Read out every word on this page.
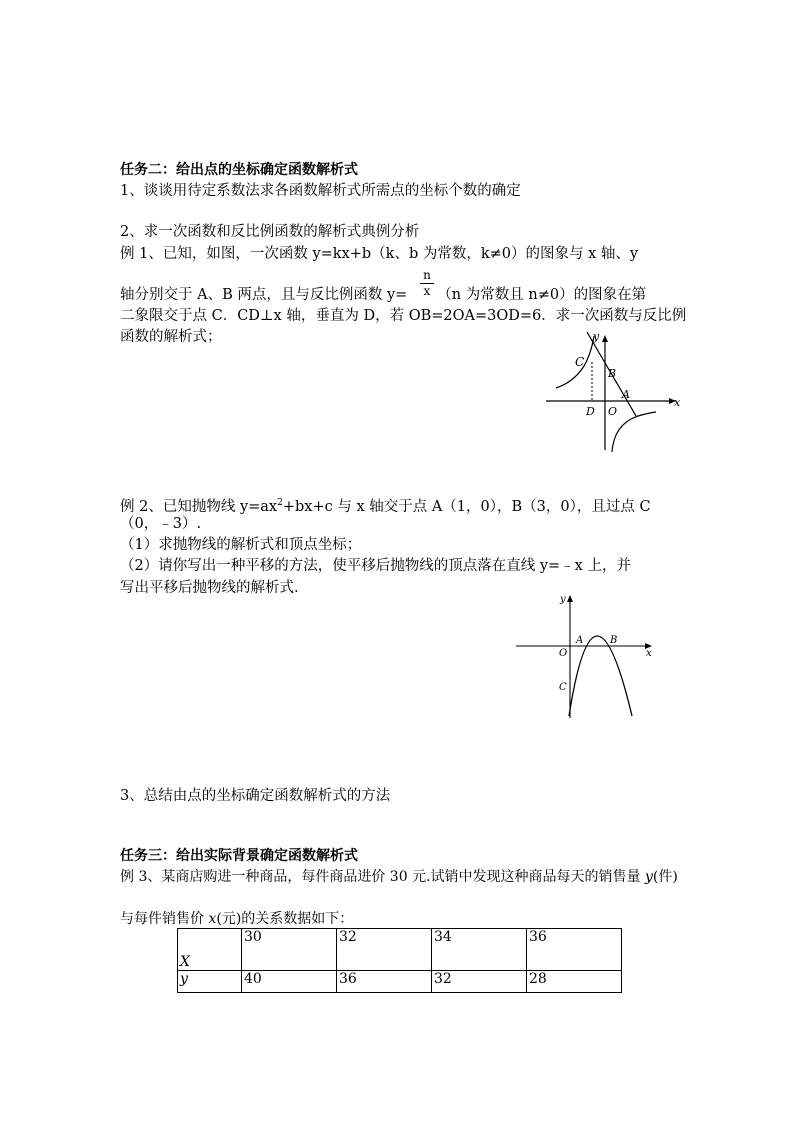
任务二：给出点的坐标确定函数解析式
1、谈谈用待定系数法求各函数解析式所需点的坐标个数的确定
2、求一次函数和反比例函数的解析式典例分析
例 1、已知，如图，一次函数 y=kx+b（k、b 为常数，k≠0）的图象与 x 轴、y
轴分别交于 A、B 两点，且与反比例函数 y= （n 为常数且 n≠0）的图象在第
$\frac{n}{x}$
二象限交于点 C．CD⊥x 轴，垂直为 D，若 OB=2OA=3OD=6．求一次函数与反比例
函数的解析式；	y
x
C
B
A
D O
例 2、已知抛物线 $y=ax^2+bx+c$ 与 x 轴交于点 A（1，0），B（3，0），且过点 C
（0，﹣3）.
（1）求抛物线的解析式和顶点坐标；
（2）请你写出一种平移的方法，使平移后抛物线的顶点落在直线 y=﹣x 上，并
写出平移后抛物线的解析式.
y
x
A	B
O
C
3、总结由点的坐标确定函数解析式的方法
任务三：给出实际背景确定函数解析式
例 3、某商店购进一种商品，每件商品进价 30 元.试销中发现这种商品每天的销售量 y(件)
与每件销售价 x(元)的关系数据如下：
X	30	32	34	36
y	40	36	32	28
